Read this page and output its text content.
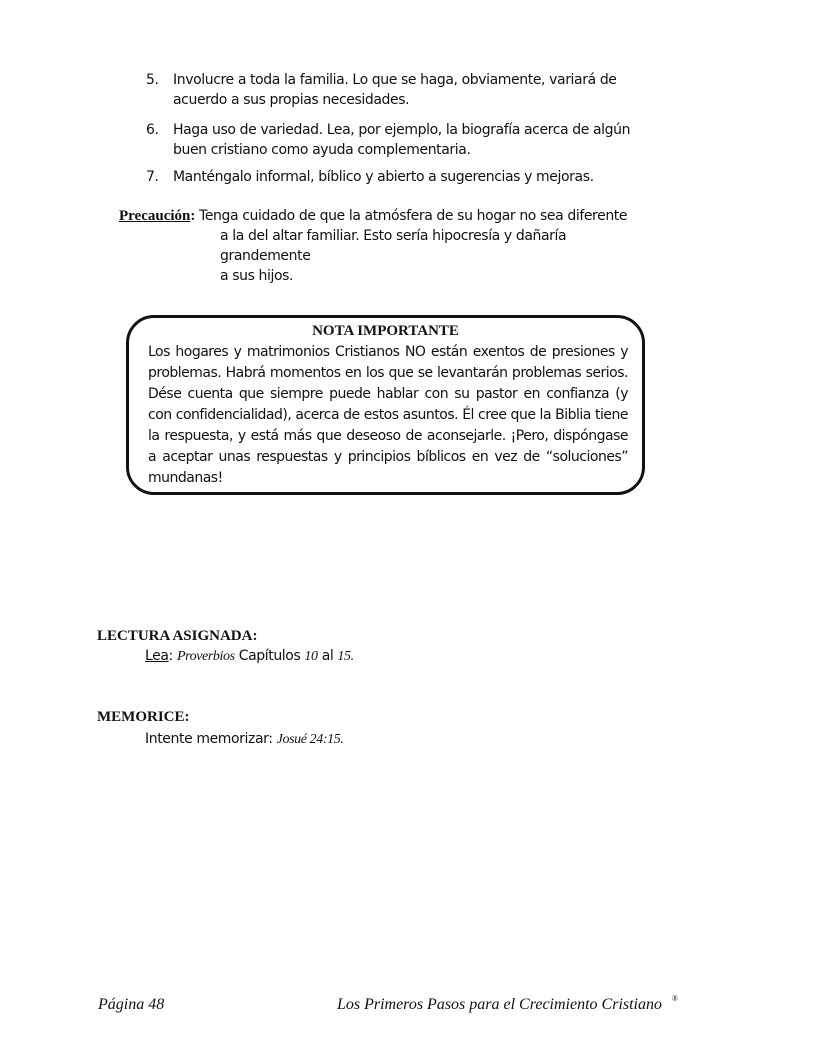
5. Involucre a toda la familia. Lo que se haga, obviamente, variará de
acuerdo a sus propias necesidades.
6. Haga uso de variedad. Lea, por ejemplo, la biografía acerca de algún
buen cristiano como ayuda complementaria.
7. Manténgalo informal, bíblico y abierto a sugerencias y mejoras.
Precaución: Tenga cuidado de que la atmósfera de su hogar no sea diferente
a la del altar familiar. Esto sería hipocresía y dañaría grandemente
a sus hijos.
NOTA IMPORTANTE
Los hogares y matrimonios Cristianos NO están exentos de presiones y problemas. Habrá momentos en los que se levantarán problemas serios. Dése cuenta que siempre puede hablar con su pastor en confianza (y con confidencialidad), acerca de estos asuntos. Él cree que la Biblia tiene la respuesta, y está más que deseoso de aconsejarle. ¡Pero, dispóngase a aceptar unas respuestas y principios bíblicos en vez de “soluciones” mundanas!
LECTURA ASIGNADA:
Lea: Proverbios Capítulos 10 al 15.
MEMORICE:
Intente memorizar: Josué 24:15.
Página 48	Los Primeros Pasos para el Crecimiento Cristiano ®
